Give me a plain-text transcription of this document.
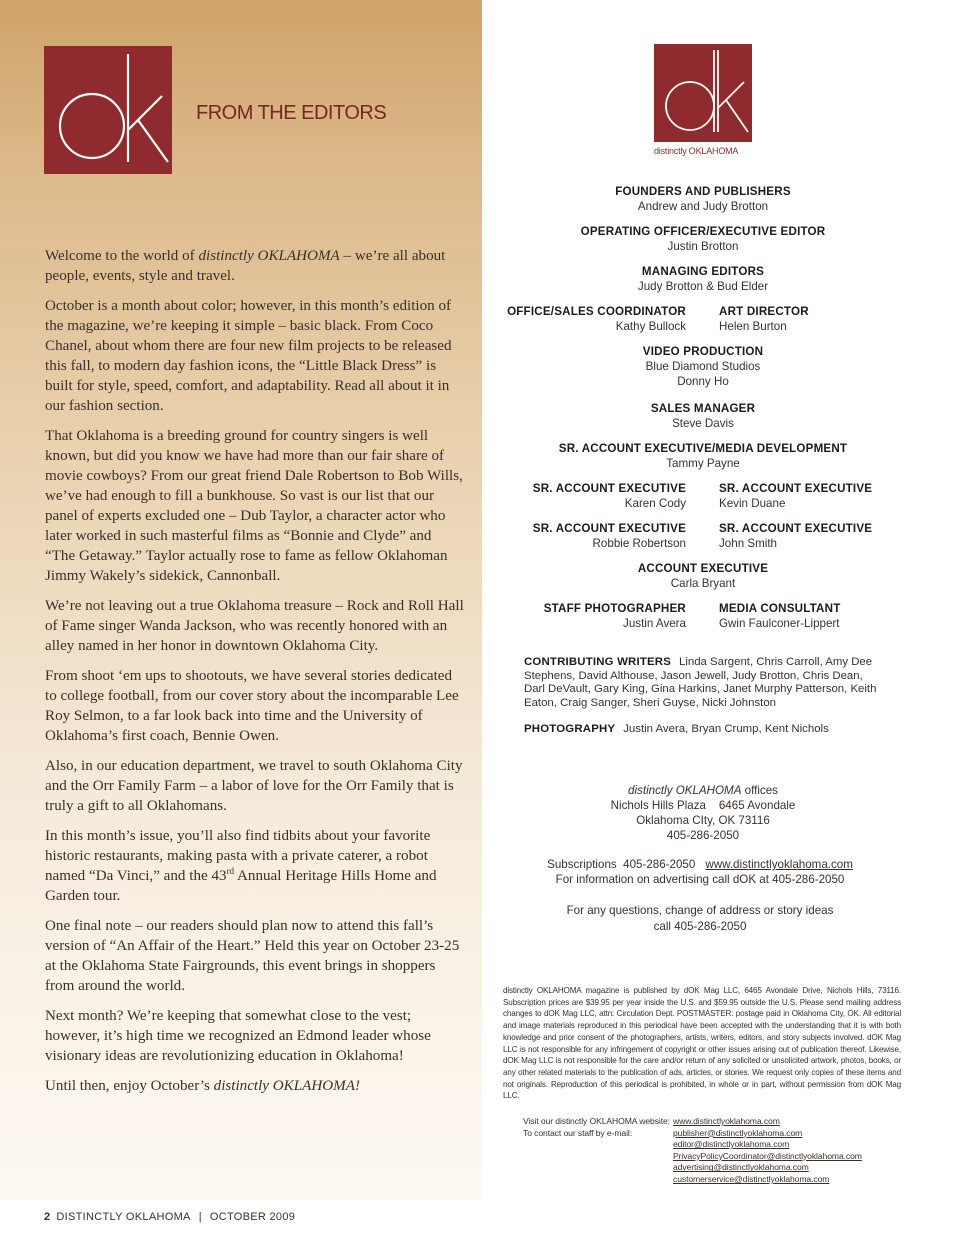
FROM THE EDITORS

Welcome to the world of distinctly OKLAHOMA – we’re all about people, events, style and travel.

October is a month about color; however, in this month’s edition of the magazine, we’re keeping it simple – basic black. From Coco Chanel, about whom there are four new film projects to be released this fall, to modern day fashion icons, the “Little Black Dress” is built for style, speed, comfort, and adaptability. Read all about it in our fashion section.

That Oklahoma is a breeding ground for country singers is well known, but did you know we have had more than our fair share of movie cowboys? From our great friend Dale Robertson to Bob Wills, we’ve had enough to fill a bunkhouse. So vast is our list that our panel of experts excluded one – Dub Taylor, a character actor who later worked in such masterful films as “Bonnie and Clyde” and “The Getaway.” Taylor actually rose to fame as fellow Oklahoman Jimmy Wakely’s sidekick, Cannonball.

We’re not leaving out a true Oklahoma treasure – Rock and Roll Hall of Fame singer Wanda Jackson, who was recently honored with an alley named in her honor in downtown Oklahoma City.

From shoot ‘em ups to shootouts, we have several stories dedicated to college football, from our cover story about the incomparable Lee Roy Selmon, to a far look back into time and the University of Oklahoma’s first coach, Bennie Owen.

Also, in our education department, we travel to south Oklahoma City and the Orr Family Farm – a labor of love for the Orr Family that is truly a gift to all Oklahomans.

In this month’s issue, you’ll also find tidbits about your favorite historic restaurants, making pasta with a private caterer, a robot named “Da Vinci,” and the 43rd Annual Heritage Hills Home and Garden tour.

One final note – our readers should plan now to attend this fall’s version of “An Affair of the Heart.” Held this year on October 23-25 at the Oklahoma State Fairgrounds, this event brings in shoppers from around the world.

Next month? We’re keeping that somewhat close to the vest; however, it’s high time we recognized an Edmond leader whose visionary ideas are revolutionizing education in Oklahoma!

Until then, enjoy October’s distinctly OKLAHOMA!

2 DISTINCTLY OKLAHOMA | OCTOBER 2009
distinctly OKLAHOMA
FOUNDERS AND PUBLISHERS
Andrew and Judy Brotton
OPERATING OFFICER/EXECUTIVE EDITOR
Justin Brotton
MANAGING EDITORS
Judy Brotton & Bud Elder
OFFICE/SALES COORDINATOR
Kathy Bullock
ART DIRECTOR
Helen Burton
VIDEO PRODUCTION
Blue Diamond Studios
Donny Ho
SALES MANAGER
Steve Davis
SR. ACCOUNT EXECUTIVE/MEDIA DEVELOPMENT
Tammy Payne
SR. ACCOUNT EXECUTIVE
Karen Cody
SR. ACCOUNT EXECUTIVE
Kevin Duane
SR. ACCOUNT EXECUTIVE
Robbie Robertson
SR. ACCOUNT EXECUTIVE
John Smith
ACCOUNT EXECUTIVE
Carla Bryant
STAFF PHOTOGRAPHER
Justin Avera
MEDIA CONSULTANT
Gwin Faulconer-Lippert
CONTRIBUTING WRITERS Linda Sargent, Chris Carroll, Amy Dee Stephens, David Althouse, Jason Jewell, Judy Brotton, Chris Dean, Darl DeVault, Gary King, Gina Harkins, Janet Murphy Patterson, Keith Eaton, Craig Sanger, Sheri Guyse, Nicki Johnston
PHOTOGRAPHY Justin Avera, Bryan Crump, Kent Nichols
distinctly OKLAHOMA offices
Nichols Hills Plaza    6465 Avondale
Oklahoma CIty, OK 73116
405-286-2050
Subscriptions  405-286-2050 www.distinctlyoklahoma.com
For information on advertising call dOK at 405-286-2050
For any questions, change of address or story ideas
call 405-286-2050
distinctly OKLAHOMA magazine is published by dOK Mag LLC, 6465 Avondale Drive, Nichols Hills, 73116. Subscription prices are $39.95 per year inside the U.S. and $59.95 outside the U.S. Please send mailing address changes to dOK Mag LLC, attn: Circulation Dept. POSTMASTER: postage paid in Oklahoma City, OK. All editorial and image materials reproduced in this periodical have been accepted with the understanding that it is with both knowledge and prior consent of the photographers, artists, writers, editors, and story subjects involved. dOK Mag LLC is not responsible for any infringement of copyright or other issues arising out of publication thereof. Likewise, dOK Mag LLC is not responsible for the care and/or return of any solicited or unsolicited artwork, photos, books, or any other related materials to the publication of ads, articles, or stories. We request only copies of these items and not originals. Reproduction of this periodical is prohibited, in whole or in part, without permission from dOK Mag LLC.
Visit our distinctly OKLAHOMA website: www.distinctlyoklahoma.com
To contact our staff by e-mail:	publisher@distinctlyoklahoma.com
editor@distinctlyoklahoma.com
PrivacyPolicyCoordinator@distinctlyoklahoma.com
advertising@distinctlyoklahoma.com
customerservice@distinctlyoklahoma.com
